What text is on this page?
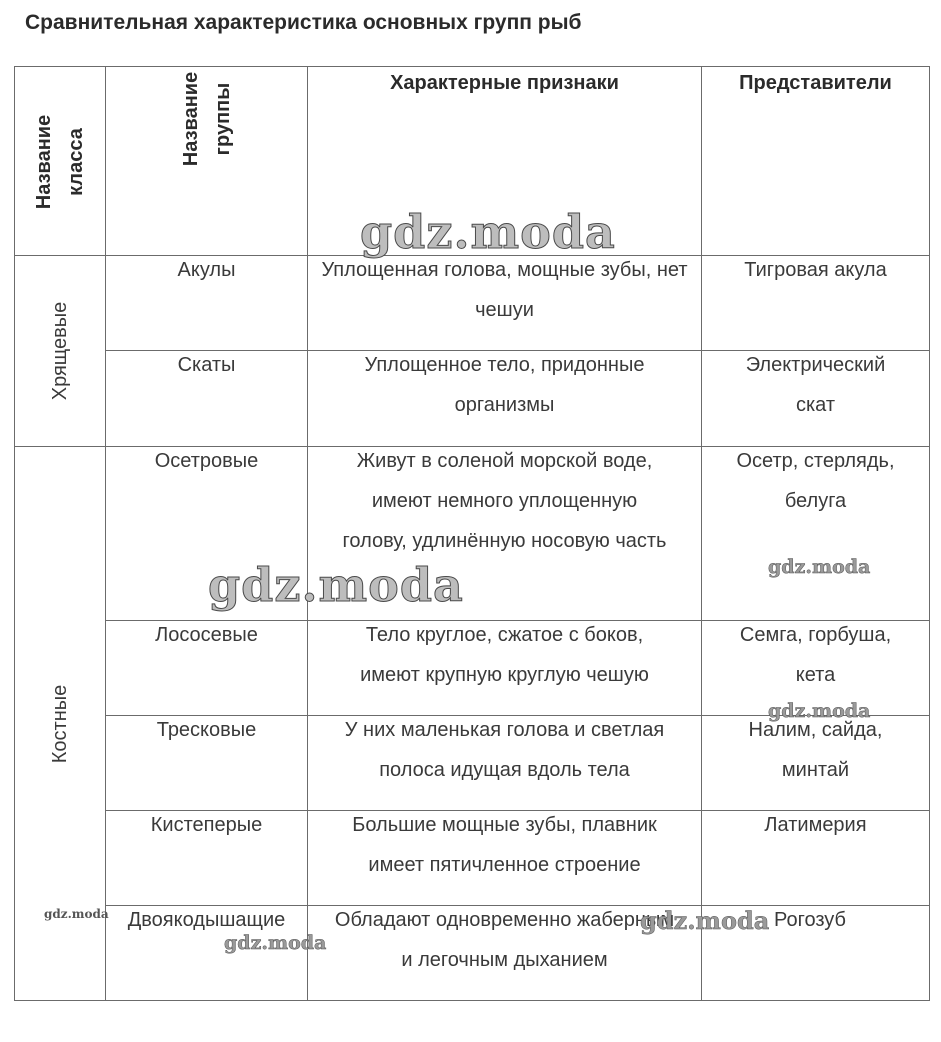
Сравнительная характеристика основных групп рыб
Название класса	Название группы	Характерные признаки	Представители

Хрящевые	Акулы	Уплощенная голова, мощные зубы, нет чешуи	Тигровая акула

	Скаты	Уплощенное тело, придонные организмы	Электрический скат

Костные	Осетровые	Живут в соленой морской воде, имеют немного уплощенную голову, удлинённую носовую часть	Осетр, стерлядь, белуга

	Лососевые	Тело круглое, сжатое с боков, имеют крупную круглую чешую	Семга, горбуша, кета

	Тресковые	У них маленькая голова и светлая полоса идущая вдоль тела	Налим, сайда, минтай

	Кистеперые	Большие мощные зубы, плавник имеет пятичленное строение	Латимерия

	Двоякодышащие	Обладают одновременно жаберным и легочным дыханием	Рогозуб
gdz.moda
gdz.moda	gdz.moda
gdz.moda
gdz.moda
gdz.moda
gdz.moda
